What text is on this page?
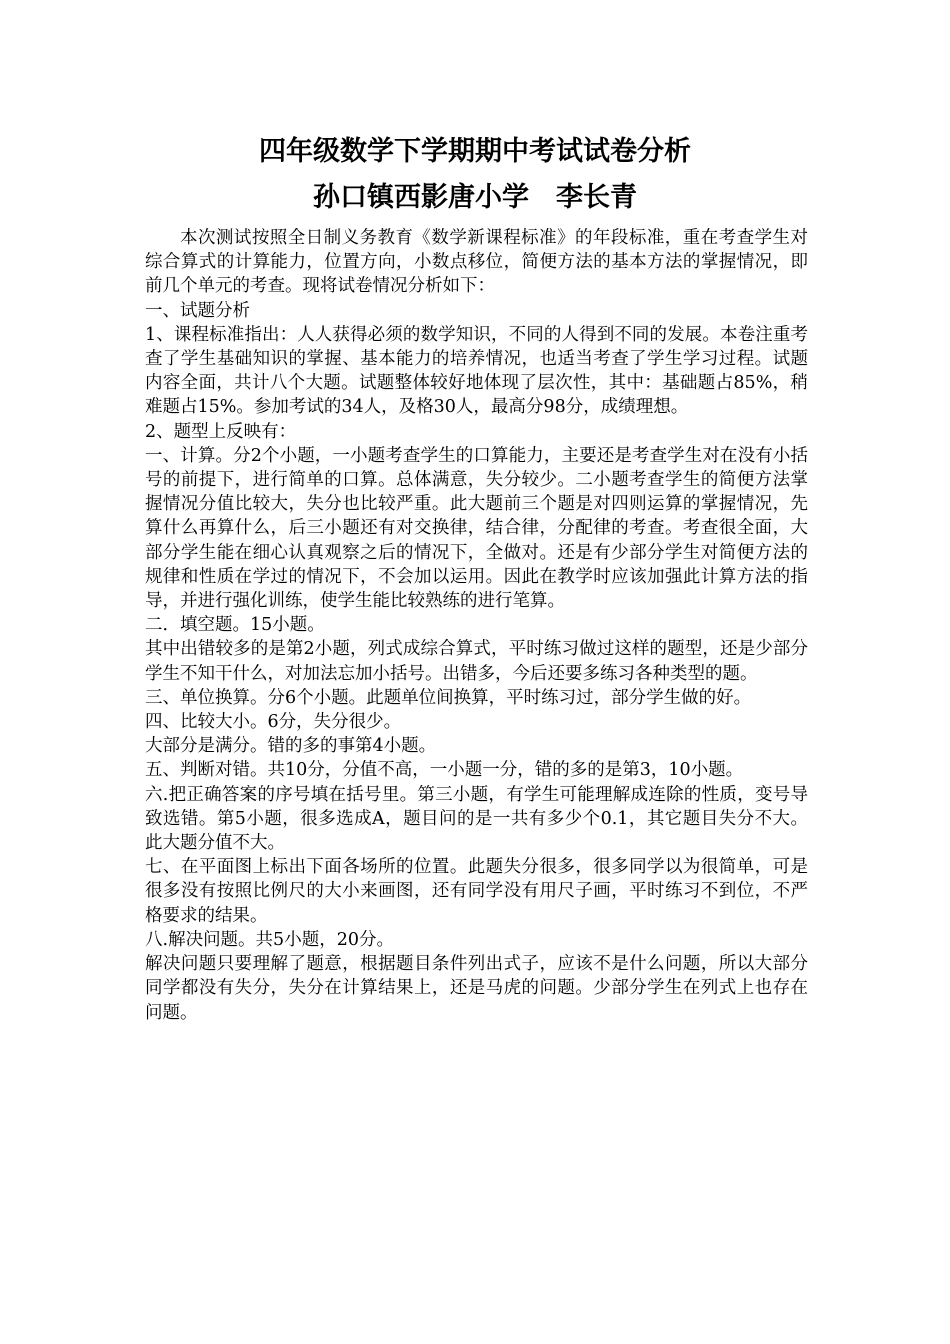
四年级数学下学期期中考试试卷分析
孙口镇西影唐小学　李长青

本次测试按照全日制义务教育《数学新课程标准》的年段标准，重在考查学生对综合算式的计算能力，位置方向，小数点移位，简便方法的基本方法的掌握情况，即前几个单元的考查。现将试卷情况分析如下：

一、试题分析

1、课程标准指出：人人获得必须的数学知识，不同的人得到不同的发展。本卷注重考查了学生基础知识的掌握、基本能力的培养情况，也适当考查了学生学习过程。试题内容全面，共计八个大题。试题整体较好地体现了层次性，其中：基础题占85%，稍难题占15%。参加考试的34人，及格30人，最高分98分，成绩理想。

2、题型上反映有：

一、计算。分2个小题，一小题考查学生的口算能力，主要还是考查学生对在没有小括号的前提下，进行简单的口算。总体满意，失分较少。二小题考查学生的简便方法掌握情况分值比较大，失分也比较严重。此大题前三个题是对四则运算的掌握情况，先算什么再算什么，后三小题还有对交换律，结合律，分配律的考查。考查很全面，大部分学生能在细心认真观察之后的情况下，全做对。还是有少部分学生对简便方法的规律和性质在学过的情况下，不会加以运用。因此在教学时应该加强此计算方法的指导，并进行强化训练，使学生能比较熟练的进行笔算。

二．填空题。15小题。

其中出错较多的是第2小题，列式成综合算式，平时练习做过这样的题型，还是少部分学生不知干什么，对加法忘加小括号。出错多，今后还要多练习各种类型的题。

三、单位换算。分6个小题。此题单位间换算，平时练习过，部分学生做的好。

四、比较大小。6分，失分很少。

大部分是满分。错的多的事第4小题。

五、判断对错。共10分，分值不高，一小题一分，错的多的是第3，10小题。

六.把正确答案的序号填在括号里。第三小题，有学生可能理解成连除的性质，变号导致选错。第5小题，很多选成A，题目问的是一共有多少个0.1，其它题目失分不大。此大题分值不大。

七、在平面图上标出下面各场所的位置。此题失分很多，很多同学以为很简单，可是很多没有按照比例尺的大小来画图，还有同学没有用尺子画，平时练习不到位，不严格要求的结果。

八.解决问题。共5小题，20分。

解决问题只要理解了题意，根据题目条件列出式子，应该不是什么问题，所以大部分同学都没有失分，失分在计算结果上，还是马虎的问题。少部分学生在列式上也存在问题。
